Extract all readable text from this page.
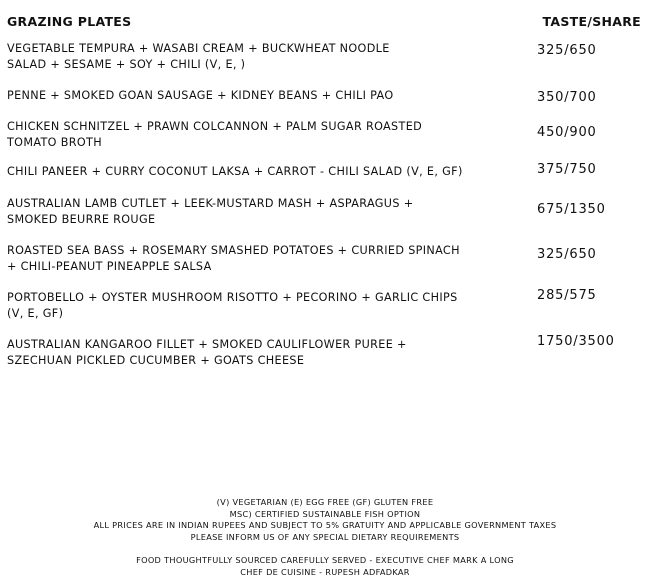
GRAZING PLATES	TASTE/SHARE
VEGETABLE TEMPURA + WASABI CREAM + BUCKWHEAT NOODLE
SALAD + SESAME + SOY + CHILI (V, E, )
325/650
PENNE + SMOKED GOAN SAUSAGE + KIDNEY BEANS + CHILI PAO	350/700
CHICKEN SCHNITZEL + PRAWN COLCANNON + PALM SUGAR ROASTED
TOMATO BROTH
450/900
CHILI PANEER + CURRY COCONUT LAKSA + CARROT - CHILI SALAD (V, E, GF)	375/750
AUSTRALIAN LAMB CUTLET + LEEK-MUSTARD MASH + ASPARAGUS +
SMOKED BEURRE ROUGE
675/1350
ROASTED SEA BASS + ROSEMARY SMASHED POTATOES + CURRIED SPINACH
+ CHILI-PEANUT PINEAPPLE SALSA
325/650
PORTOBELLO + OYSTER MUSHROOM RISOTTO + PECORINO + GARLIC CHIPS
(V, E, GF)
285/575
AUSTRALIAN KANGAROO FILLET + SMOKED CAULIFLOWER PUREE +
SZECHUAN PICKLED CUCUMBER + GOATS CHEESE
1750/3500
(V) VEGETARIAN (E) EGG FREE (GF) GLUTEN FREE
MSC) CERTIFIED SUSTAINABLE FISH OPTION
ALL PRICES ARE IN INDIAN RUPEES AND SUBJECT TO 5% GRATUITY AND APPLICABLE GOVERNMENT TAXES
PLEASE INFORM US OF ANY SPECIAL DIETARY REQUIREMENTS
FOOD THOUGHTFULLY SOURCED CAREFULLY SERVED - EXECUTIVE CHEF MARK A LONG
CHEF DE CUISINE - RUPESH ADFADKAR
